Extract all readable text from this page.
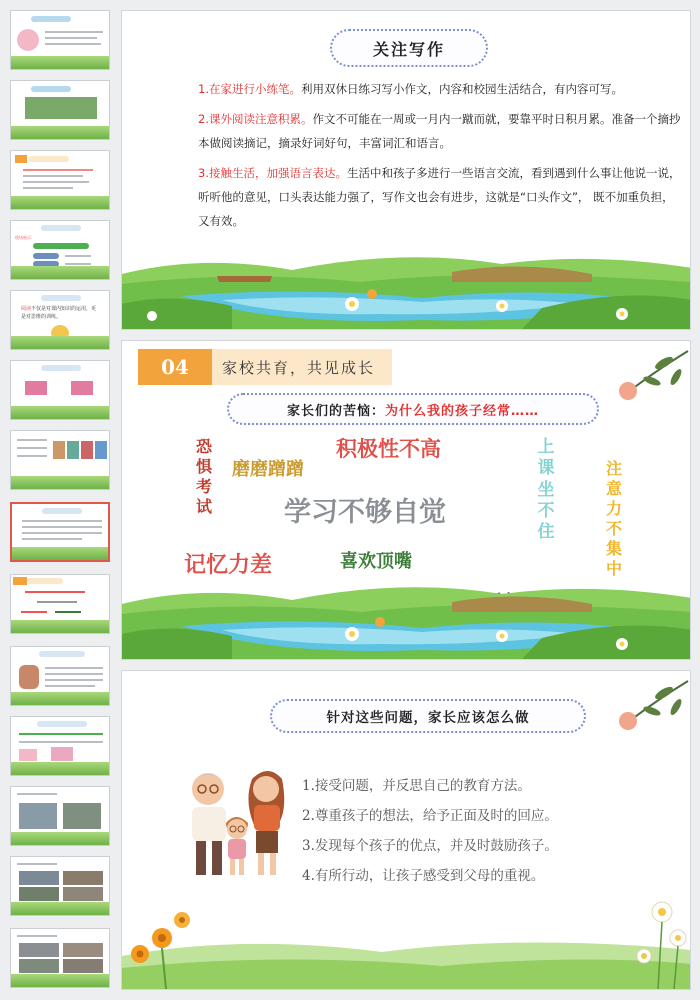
现场展示：
阅读不仅是对课内知识的运用，更是对思维的训练。
关注写作
1.在家进行小练笔。利用双休日练习写小作文，内容和校园生活结合，有内容可写。
2.课外阅读注意积累。作文不可能在一周或一月内一蹴而就，要靠平时日积月累。准备一个摘抄本做阅读摘记，摘录好词好句，丰富词汇和语言。
3.接触生活，加强语言表达。生活中和孩子多进行一些语言交流，看到遇到什么事让他说一说，听听他的意见，口头表达能力强了，写作文也会有进步，这就是“口头作文”， 既不加重负担，又有效。
04	家校共育，共见成长
家长们的苦恼： 为什么我的孩子经常……
恐惧考试
磨磨蹭蹭
积极性不高
学习不够自觉
记忆力差	喜欢顶嘴
上课坐不住
注意力不集中
针对这些问题，家长应该怎么做
1.接受问题，并反思自己的教育方法。
2.尊重孩子的想法，给予正面及时的回应。
3.发现每个孩子的优点，并及时鼓励孩子。
4.有所行动，让孩子感受到父母的重视。
